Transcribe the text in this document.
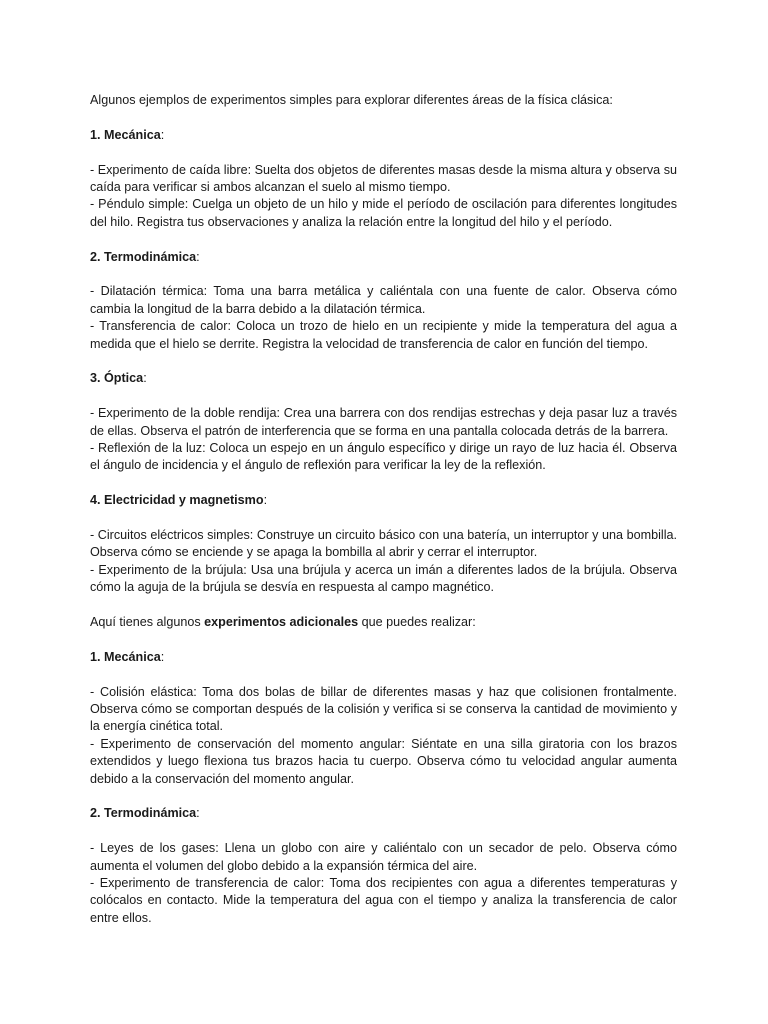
Algunos ejemplos de experimentos simples para explorar diferentes áreas de la física clásica:

1. Mecánica:

- Experimento de caída libre: Suelta dos objetos de diferentes masas desde la misma altura y observa su caída para verificar si ambos alcanzan el suelo al mismo tiempo.

- Péndulo simple: Cuelga un objeto de un hilo y mide el período de oscilación para diferentes longitudes del hilo. Registra tus observaciones y analiza la relación entre la longitud del hilo y el período.

2. Termodinámica:

- Dilatación térmica: Toma una barra metálica y caliéntala con una fuente de calor. Observa cómo cambia la longitud de la barra debido a la dilatación térmica.

- Transferencia de calor: Coloca un trozo de hielo en un recipiente y mide la temperatura del agua a medida que el hielo se derrite. Registra la velocidad de transferencia de calor en función del tiempo.

3. Óptica:

- Experimento de la doble rendija: Crea una barrera con dos rendijas estrechas y deja pasar luz a través de ellas. Observa el patrón de interferencia que se forma en una pantalla colocada detrás de la barrera.

- Reflexión de la luz: Coloca un espejo en un ángulo específico y dirige un rayo de luz hacia él. Observa el ángulo de incidencia y el ángulo de reflexión para verificar la ley de la reflexión.

4. Electricidad y magnetismo:

- Circuitos eléctricos simples: Construye un circuito básico con una batería, un interruptor y una bombilla. Observa cómo se enciende y se apaga la bombilla al abrir y cerrar el interruptor.

- Experimento de la brújula: Usa una brújula y acerca un imán a diferentes lados de la brújula. Observa cómo la aguja de la brújula se desvía en respuesta al campo magnético.

Aquí tienes algunos experimentos adicionales que puedes realizar:

1. Mecánica:

- Colisión elástica: Toma dos bolas de billar de diferentes masas y haz que colisionen frontalmente. Observa cómo se comportan después de la colisión y verifica si se conserva la cantidad de movimiento y la energía cinética total.

- Experimento de conservación del momento angular: Siéntate en una silla giratoria con los brazos extendidos y luego flexiona tus brazos hacia tu cuerpo. Observa cómo tu velocidad angular aumenta debido a la conservación del momento angular.

2. Termodinámica:

- Leyes de los gases: Llena un globo con aire y caliéntalo con un secador de pelo. Observa cómo aumenta el volumen del globo debido a la expansión térmica del aire.

- Experimento de transferencia de calor: Toma dos recipientes con agua a diferentes temperaturas y colócalos en contacto. Mide la temperatura del agua con el tiempo y analiza la transferencia de calor entre ellos.
